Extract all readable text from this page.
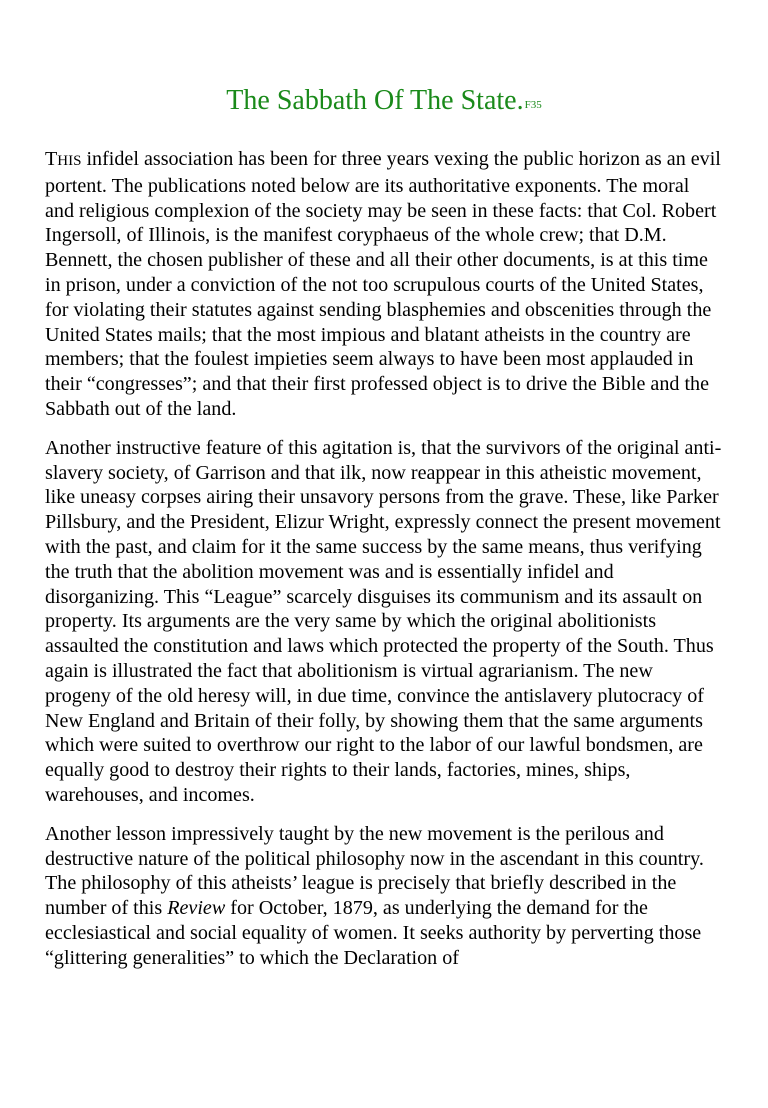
The Sabbath Of The State.$^{F35}$

THIS infidel association has been for three years vexing the public horizon as an evil portent. The publications noted below are its authoritative exponents. The moral and religious complexion of the society may be seen in these facts: that Col. Robert Ingersoll, of Illinois, is the manifest coryphaeus of the whole crew; that D.M. Bennett, the chosen publisher of these and all their other documents, is at this time in prison, under a conviction of the not too scrupulous courts of the United States, for violating their statutes against sending blasphemies and obscenities through the United States mails; that the most impious and blatant atheists in the country are members; that the foulest impieties seem always to have been most applauded in their “congresses”; and that their first professed object is to drive the Bible and the Sabbath out of the land.

Another instructive feature of this agitation is, that the survivors of the original anti-slavery society, of Garrison and that ilk, now reappear in this atheistic movement, like uneasy corpses airing their unsavory persons from the grave. These, like Parker Pillsbury, and the President, Elizur Wright, expressly connect the present movement with the past, and claim for it the same success by the same means, thus verifying the truth that the abolition movement was and is essentially infidel and disorganizing. This “League” scarcely disguises its communism and its assault on property. Its arguments are the very same by which the original abolitionists assaulted the constitution and laws which protected the property of the South. Thus again is illustrated the fact that abolitionism is virtual agrarianism. The new progeny of the old heresy will, in due time, convince the antislavery plutocracy of New England and Britain of their folly, by showing them that the same arguments which were suited to overthrow our right to the labor of our lawful bondsmen, are equally good to destroy their rights to their lands, factories, mines, ships, warehouses, and incomes.

Another lesson impressively taught by the new movement is the perilous and destructive nature of the political philosophy now in the ascendant in this country. The philosophy of this atheists’ league is precisely that briefly described in the number of this Review for October, 1879, as underlying the demand for the ecclesiastical and social equality of women. It seeks authority by perverting those “glittering generalities” to which the Declaration of
